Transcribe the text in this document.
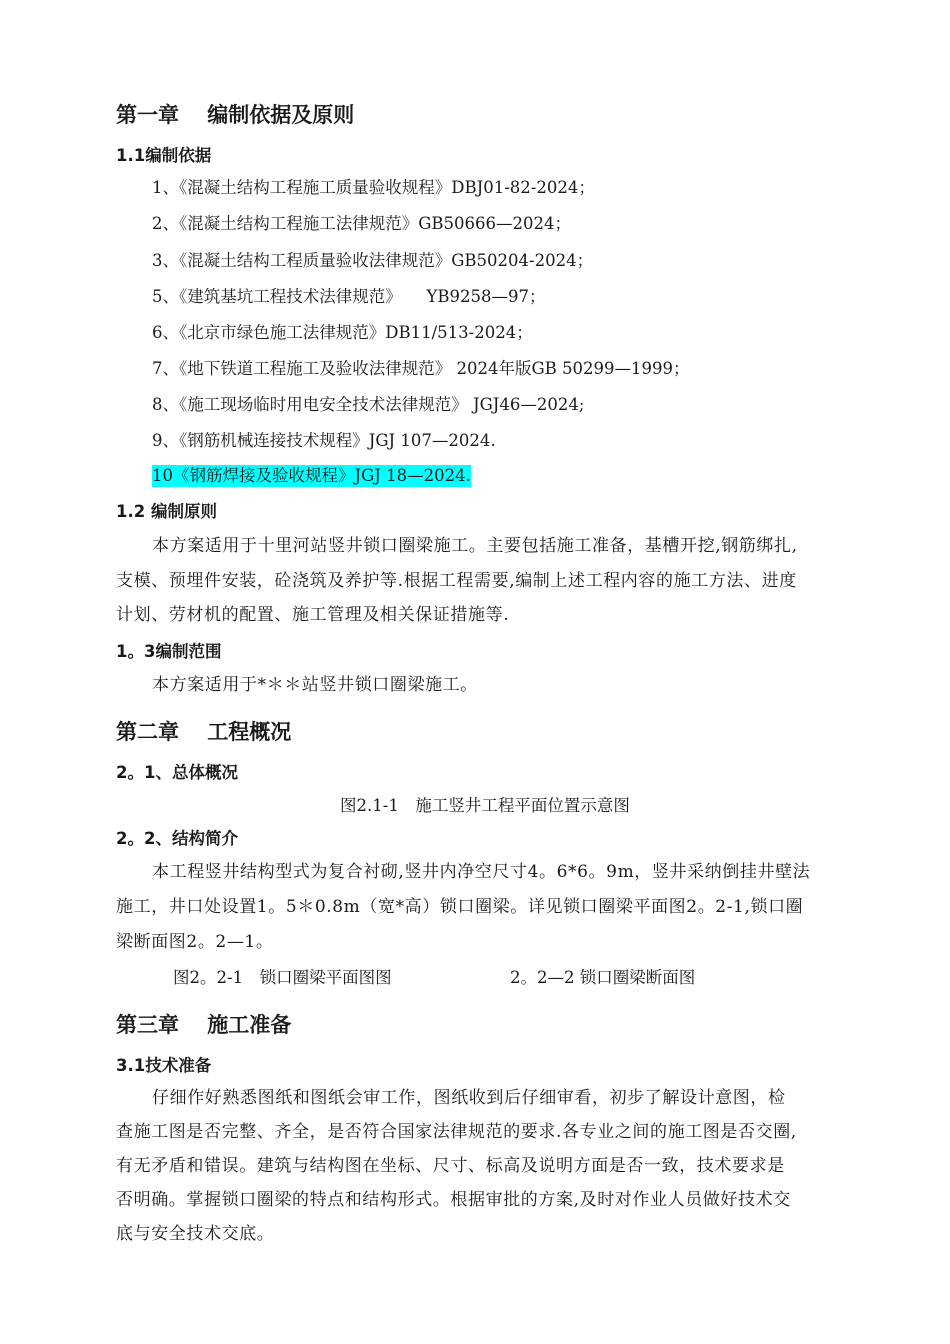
第一章　 编制依据及原则
1.1编制依据
1、《混凝土结构工程施工质量验收规程》DBJ01-82-2024；
2、《混凝土结构工程施工法律规范》GB50666—2024；
3、《混凝土结构工程质量验收法律规范》GB50204-2024；
5、《建筑基坑工程技术法律规范》　　YB9258—97；
6、《北京市绿色施工法律规范》DB11/513-2024；
7、《地下铁道工程施工及验收法律规范》 2024年版GB 50299—1999；
8、《施工现场临时用电安全技术法律规范》 JGJ46—2024;
9、《钢筋机械连接技术规程》JGJ 107—2024.
10《钢筋焊接及验收规程》JGJ 18—2024.
1.2 编制原则
本方案适用于十里河站竖井锁口圈梁施工。主要包括施工准备，基槽开挖,钢筋绑扎,
支模、预埋件安装，砼浇筑及养护等.根据工程需要,编制上述工程内容的施工方法、进度
计划、劳材机的配置、施工管理及相关保证措施等.
1。3编制范围
本方案适用于*＊＊站竖井锁口圈梁施工。
第二章　 工程概况
2。1、总体概况
图2.1-1　施工竖井工程平面位置示意图
2。2、结构简介
本工程竖井结构型式为复合衬砌,竖井内净空尺寸4。6*6。9m，竖井采纳倒挂井壁法
施工，井口处设置1。5＊0.8m（宽*高）锁口圈梁。详见锁口圈梁平面图2。2-1,锁口圈
梁断面图2。2—1。
图2。2-1　锁口圈梁平面图图	2。2—2 锁口圈梁断面图
第三章　 施工准备
3.1技术准备
仔细作好熟悉图纸和图纸会审工作，图纸收到后仔细审看，初步了解设计意图，检
查施工图是否完整、齐全，是否符合国家法律规范的要求.各专业之间的施工图是否交圈,
有无矛盾和错误。建筑与结构图在坐标、尺寸、标高及说明方面是否一致，技术要求是
否明确。掌握锁口圈梁的特点和结构形式。根据审批的方案,及时对作业人员做好技术交
底与安全技术交底。
